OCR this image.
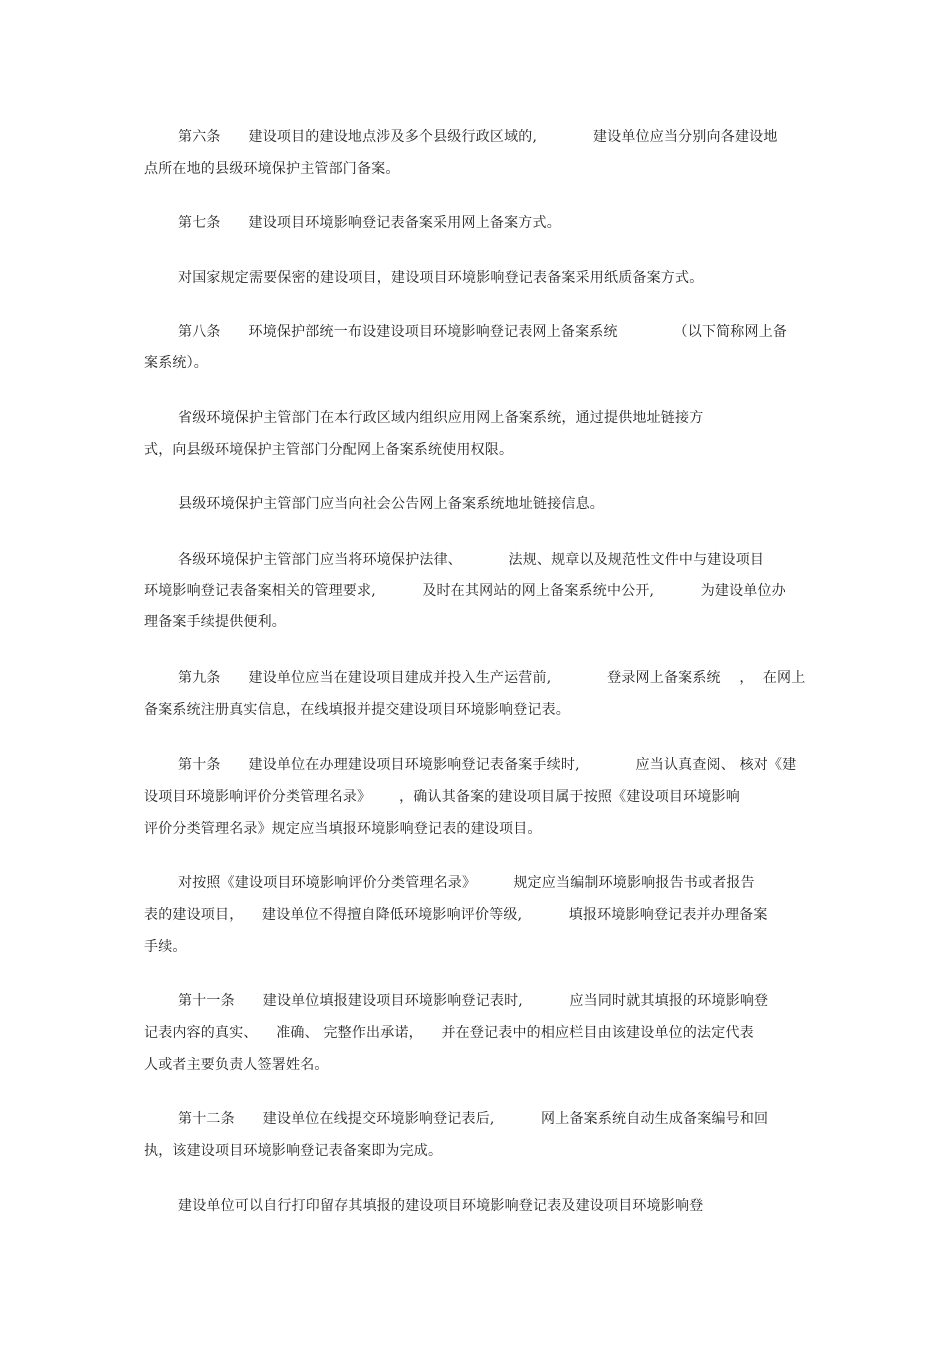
第六条      建设项目的建设地点涉及多个县级行政区域的,            建设单位应当分别向各建设地
点所在地的县级环境保护主管部门备案。
第七条      建设项目环境影响登记表备案采用网上备案方式。
对国家规定需要保密的建设项目，建设项目环境影响登记表备案采用纸质备案方式。
第八条      环境保护部统一布设建设项目环境影响登记表网上备案系统            （以下简称网上备
案系统）。
省级环境保护主管部门在本行政区域内组织应用网上备案系统，通过提供地址链接方
式，向县级环境保护主管部门分配网上备案系统使用权限。
县级环境保护主管部门应当向社会公告网上备案系统地址链接信息。
各级环境保护主管部门应当将环境保护法律、          法规、规章以及规范性文件中与建设项目
环境影响登记表备案相关的管理要求,          及时在其网站的网上备案系统中公开,          为建设单位办
理备案手续提供便利。
第九条      建设单位应当在建设项目建成并投入生产运营前,            登录网上备案系统    ，  在网上
备案系统注册真实信息，在线填报并提交建设项目环境影响登记表。
第十条      建设单位在办理建设项目环境影响登记表备案手续时,            应当认真查阅、 核对《建
设项目环境影响评价分类管理名录》      ，确认其备案的建设项目属于按照《建设项目环境影响
评价分类管理名录》规定应当填报环境影响登记表的建设项目。
对按照《建设项目环境影响评价分类管理名录》        规定应当编制环境影响报告书或者报告
表的建设项目，    建设单位不得擅自降低环境影响评价等级,          填报环境影响登记表并办理备案
手续。
第十一条      建设单位填报建设项目环境影响登记表时,          应当同时就其填报的环境影响登
记表内容的真实、    准确、 完整作出承诺，    并在登记表中的相应栏目由该建设单位的法定代表
人或者主要负责人签署姓名。
第十二条      建设单位在线提交环境影响登记表后,          网上备案系统自动生成备案编号和回
执，该建设项目环境影响登记表备案即为完成。
建设单位可以自行打印留存其填报的建设项目环境影响登记表及建设项目环境影响登
